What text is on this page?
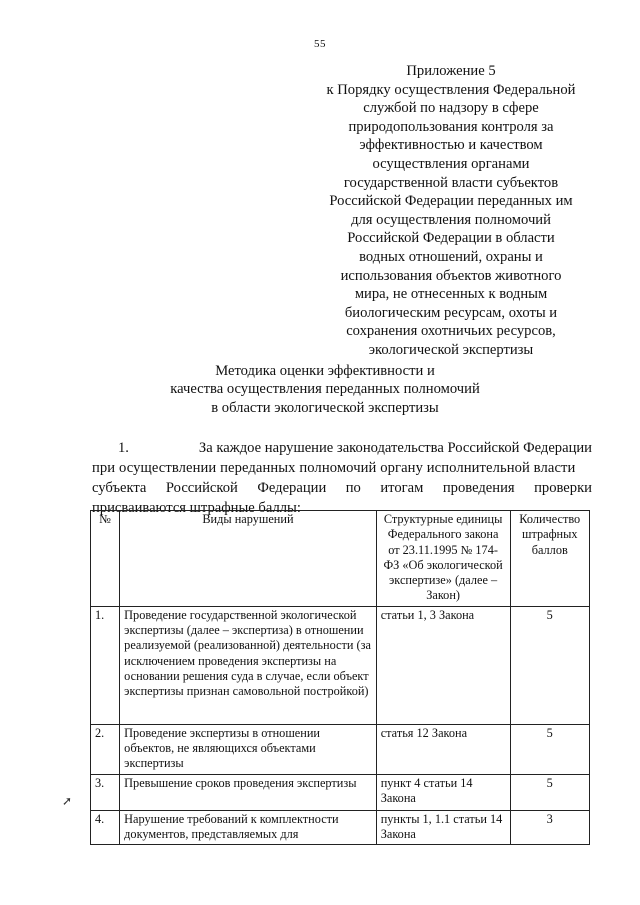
55
Приложение 5
к Порядку осуществления Федеральной
службой по надзору в сфере
природопользования контроля за
эффективностью и качеством
осуществления органами
государственной власти субъектов
Российской Федерации переданных им
для осуществления полномочий
Российской Федерации в области
водных отношений, охраны и
использования объектов животного
мира, не отнесенных к водным
биологическим ресурсам, охоты и
сохранения охотничьих ресурсов,
экологической экспертизы
Методика оценки эффективности и
качества осуществления переданных полномочий
в области экологической экспертизы
1.	За каждое нарушение законодательства Российской Федерации
при осуществлении переданных полномочий органу исполнительной власти
субъекта Российской Федерации по итогам проведения проверки
присваиваются штрафные баллы:
№	Виды нарушений	Структурные единицы Федерального закона от 23.11.1995 № 174-ФЗ «Об экологической экспертизе» (далее – Закон)	Количество штрафных баллов
1.	Проведение государственной экологической экспертизы (далее – экспертиза) в отношении реализуемой (реализованной) деятельности (за исключением проведения экспертизы на основании решения суда в случае, если объект экспертизы признан самовольной постройкой)	статьи 1, 3 Закона	5
2.	Проведение экспертизы в отношении объектов, не являющихся объектами экспертизы	статья 12 Закона	5
3.	Превышение сроков проведения экспертизы	пункт 4 статьи 14 Закона	5
4.	Нарушение требований к комплектности документов, представляемых для	пункты 1, 1.1 статьи 14 Закона	3
➚
